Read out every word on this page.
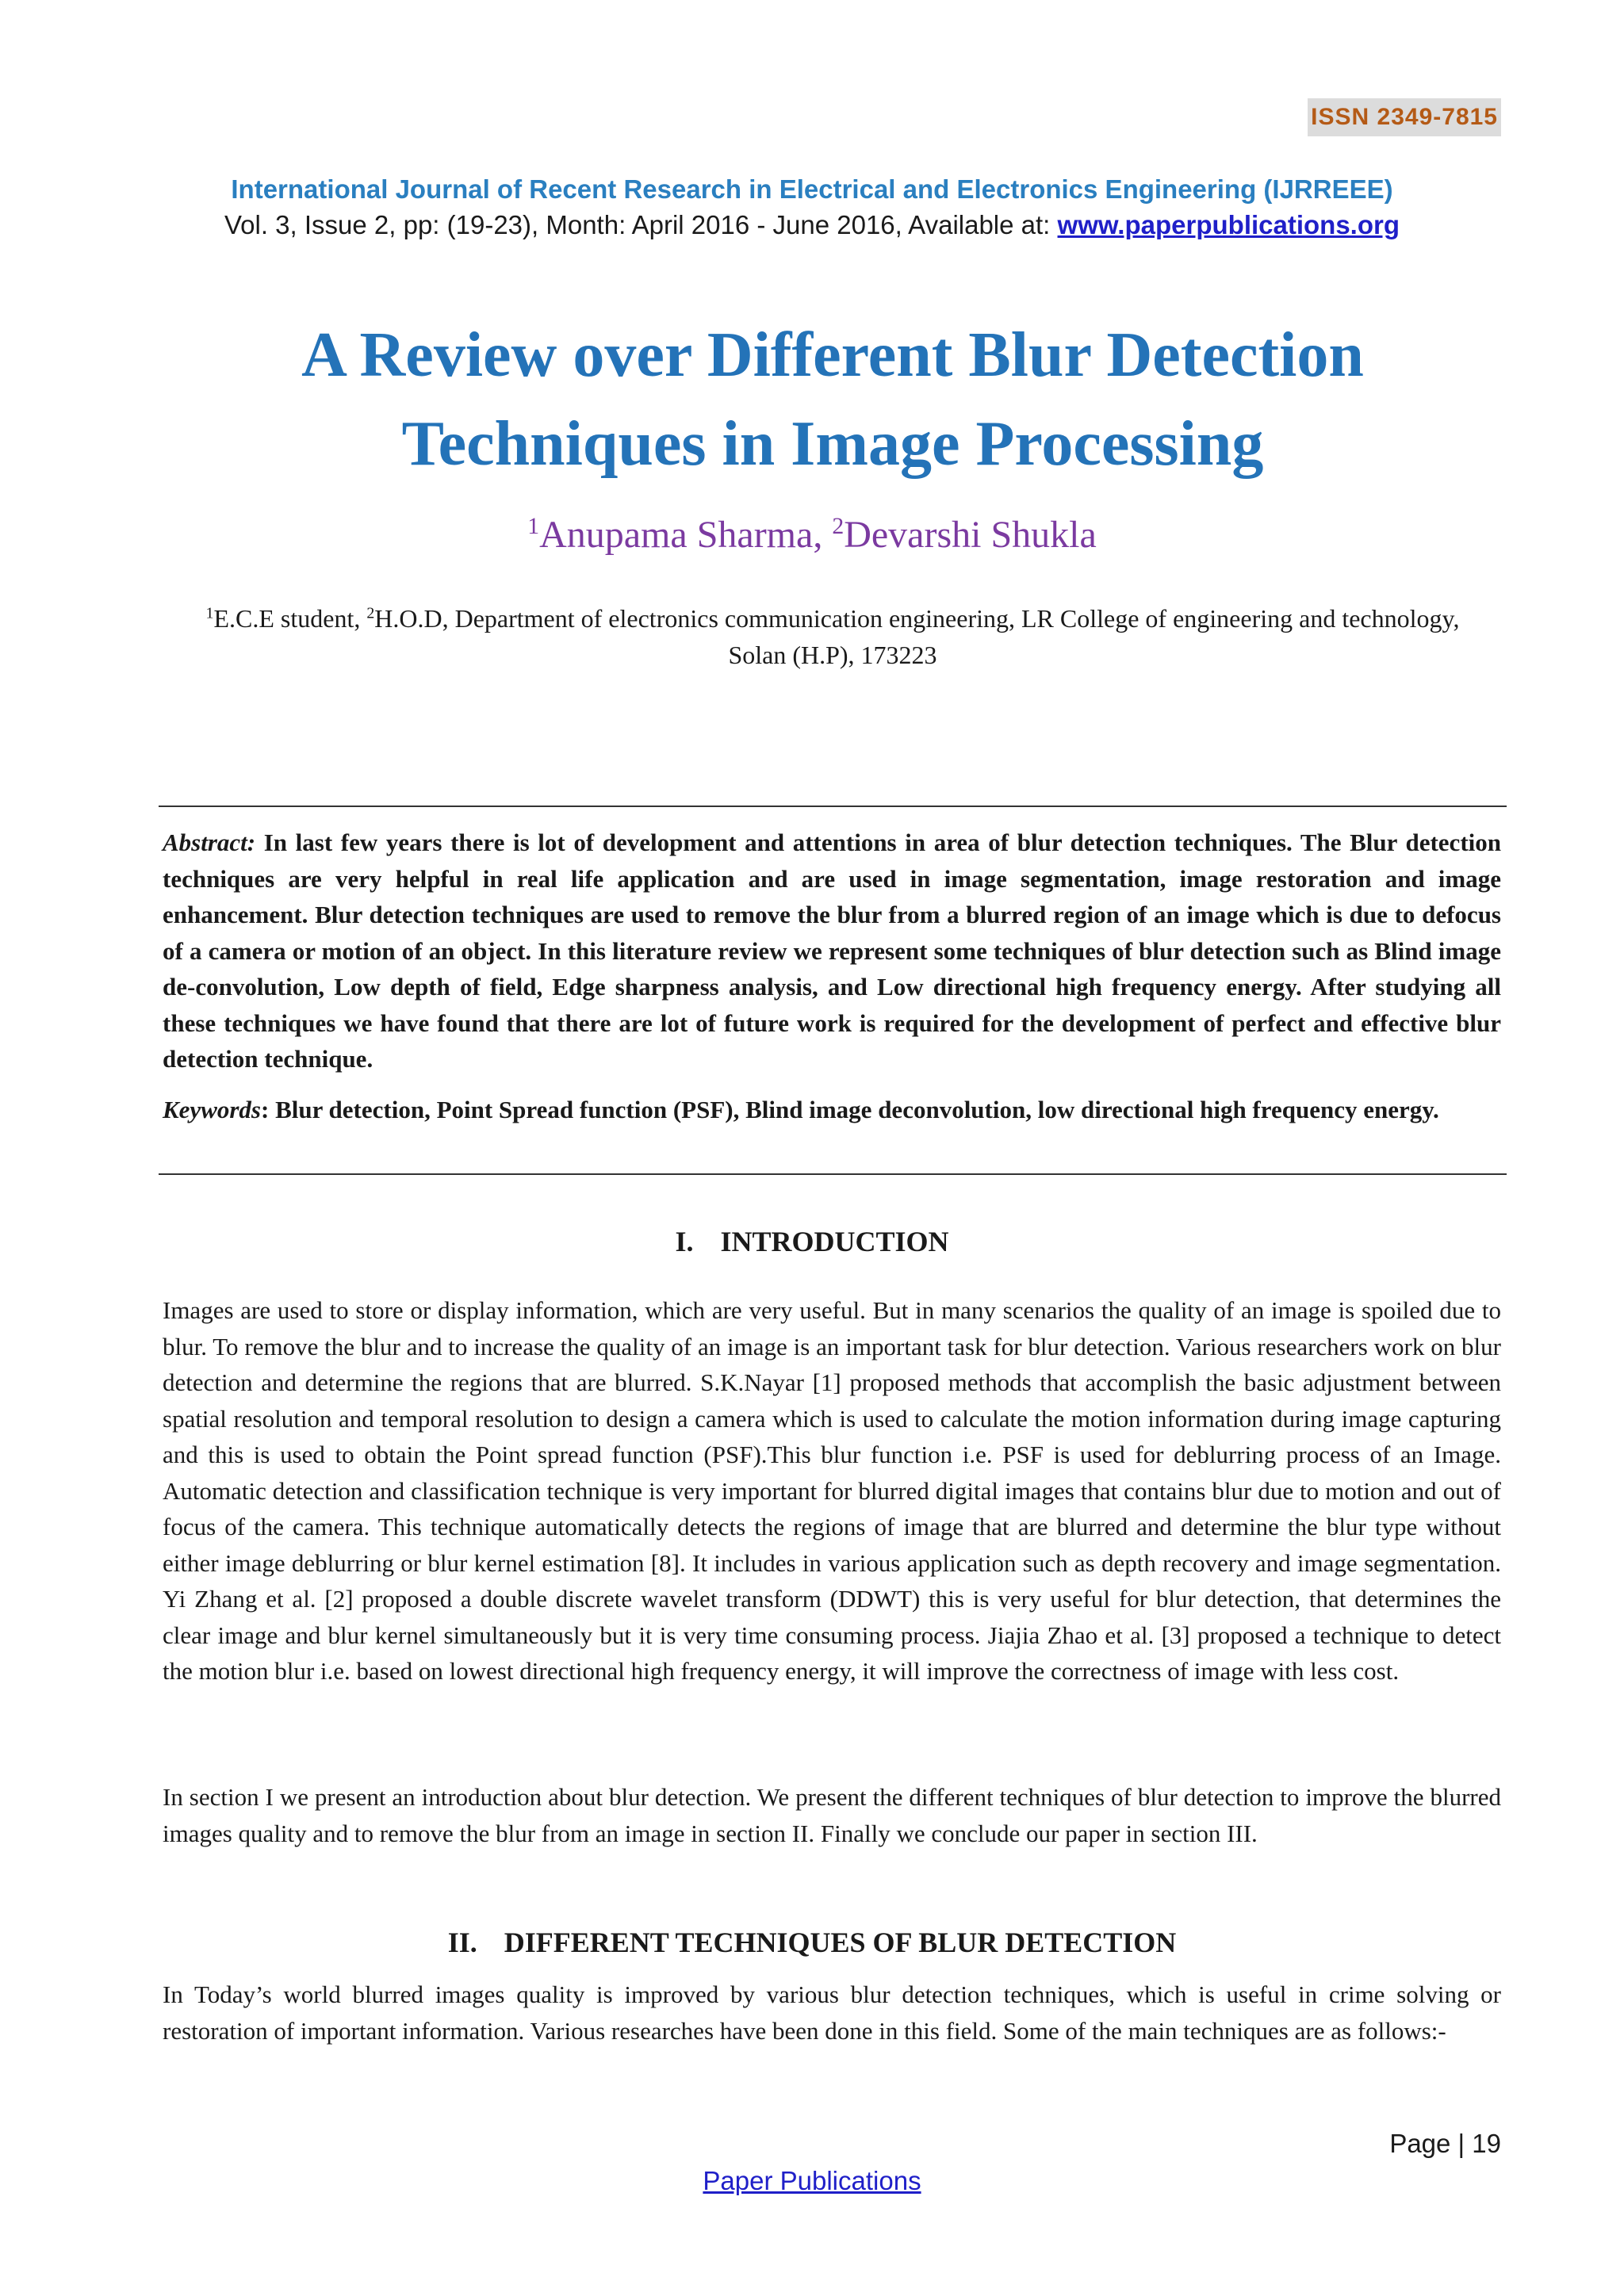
ISSN 2349-7815
International Journal of Recent Research in Electrical and Electronics Engineering (IJRREEE)
Vol. 3, Issue 2, pp: (19-23), Month: April 2016 - June 2016, Available at: www.paperpublications.org
A Review over Different Blur Detection Techniques in Image Processing
$^1$Anupama Sharma, $^2$Devarshi Shukla
$^1$E.C.E student, $^2$H.O.D, Department of electronics communication engineering, LR College of engineering and technology, Solan (H.P), 173223
Abstract: In last few years there is lot of development and attentions in area of blur detection techniques. The Blur detection techniques are very helpful in real life application and are used in image segmentation, image restoration and image enhancement. Blur detection techniques are used to remove the blur from a blurred region of an image which is due to defocus of a camera or motion of an object. In this literature review we represent some techniques of blur detection such as Blind image de-convolution, Low depth of field, Edge sharpness analysis, and Low directional high frequency energy. After studying all these techniques we have found that there are lot of future work is required for the development of perfect and effective blur detection technique.
Keywords: Blur detection, Point Spread function (PSF), Blind image deconvolution, low directional high frequency energy.
I. INTRODUCTION
Images are used to store or display information, which are very useful. But in many scenarios the quality of an image is spoiled due to blur. To remove the blur and to increase the quality of an image is an important task for blur detection. Various researchers work on blur detection and determine the regions that are blurred. S.K.Nayar [1] proposed methods that accomplish the basic adjustment between spatial resolution and temporal resolution to design a camera which is used to calculate the motion information during image capturing and this is used to obtain the Point spread function (PSF).This blur function i.e. PSF is used for deblurring process of an Image. Automatic detection and classification technique is very important for blurred digital images that contains blur due to motion and out of focus of the camera. This technique automatically detects the regions of image that are blurred and determine the blur type without either image deblurring or blur kernel estimation [8]. It includes in various application such as depth recovery and image segmentation. Yi Zhang et al. [2] proposed a double discrete wavelet transform (DDWT) this is very useful for blur detection, that determines the clear image and blur kernel simultaneously but it is very time consuming process. Jiajia Zhao et al. [3] proposed a technique to detect the motion blur i.e. based on lowest directional high frequency energy, it will improve the correctness of image with less cost.
In section I we present an introduction about blur detection. We present the different techniques of blur detection to improve the blurred images quality and to remove the blur from an image in section II. Finally we conclude our paper in section III.
II. DIFFERENT TECHNIQUES OF BLUR DETECTION
In Today’s world blurred images quality is improved by various blur detection techniques, which is useful in crime solving or restoration of important information. Various researches have been done in this field. Some of the main techniques are as follows:-
Page | 19
Paper Publications
